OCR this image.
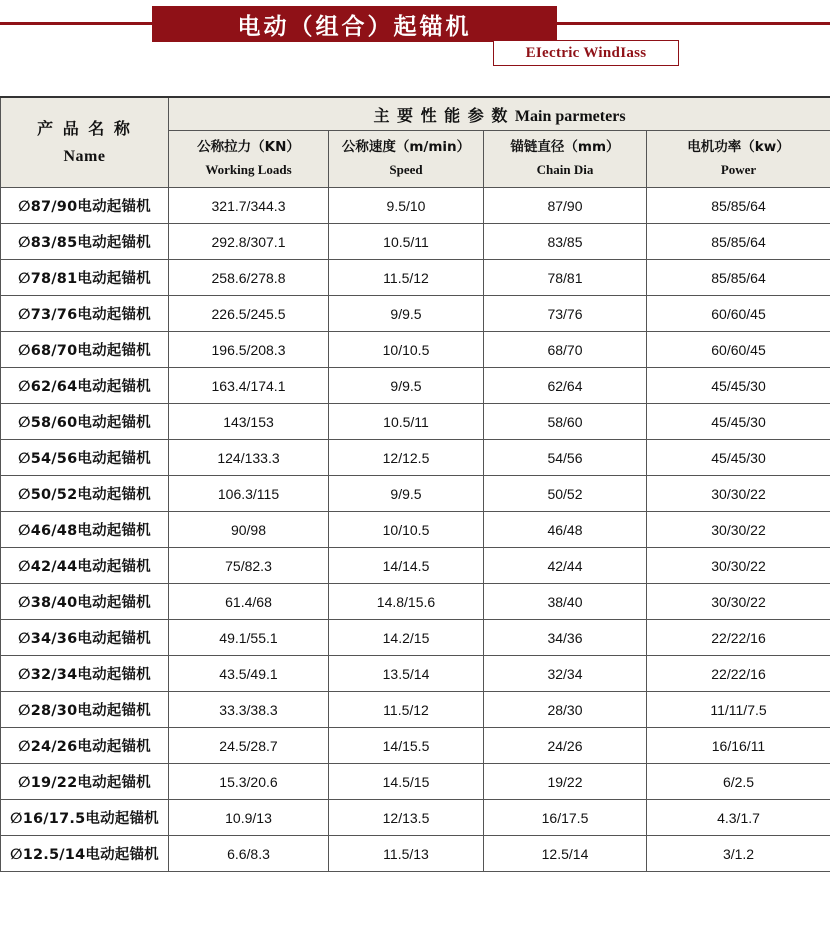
电动（组合）起锚机
EIectric WindIass
产 品 名 称
Name	主 要 性 能 参 数 Main parmeters			

公称拉力（KN）
Working Loads

公称速度（m/min）
Speed

锚链直径（mm）
Chain Dia

电机功率（kw）
Power

∅87/90电动起锚机	321.7/344.3	9.5/10	87/90	85/85/64
∅83/85电动起锚机	292.8/307.1	10.5/11	83/85	85/85/64
∅78/81电动起锚机	258.6/278.8	11.5/12	78/81	85/85/64
∅73/76电动起锚机	226.5/245.5	9/9.5	73/76	60/60/45
∅68/70电动起锚机	196.5/208.3	10/10.5	68/70	60/60/45
∅62/64电动起锚机	163.4/174.1	9/9.5	62/64	45/45/30
∅58/60电动起锚机	143/153	10.5/11	58/60	45/45/30
∅54/56电动起锚机	124/133.3	12/12.5	54/56	45/45/30
∅50/52电动起锚机	106.3/115	9/9.5	50/52	30/30/22
∅46/48电动起锚机	90/98	10/10.5	46/48	30/30/22
∅42/44电动起锚机	75/82.3	14/14.5	42/44	30/30/22
∅38/40电动起锚机	61.4/68	14.8/15.6	38/40	30/30/22
∅34/36电动起锚机	49.1/55.1	14.2/15	34/36	22/22/16
∅32/34电动起锚机	43.5/49.1	13.5/14	32/34	22/22/16
∅28/30电动起锚机	33.3/38.3	11.5/12	28/30	11/11/7.5
∅24/26电动起锚机	24.5/28.7	14/15.5	24/26	16/16/11
∅19/22电动起锚机	15.3/20.6	14.5/15	19/22	6/2.5
∅16/17.5电动起锚机	10.9/13	12/13.5	16/17.5	4.3/1.7
∅12.5/14电动起锚机	6.6/8.3	11.5/13	12.5/14	3/1.2
